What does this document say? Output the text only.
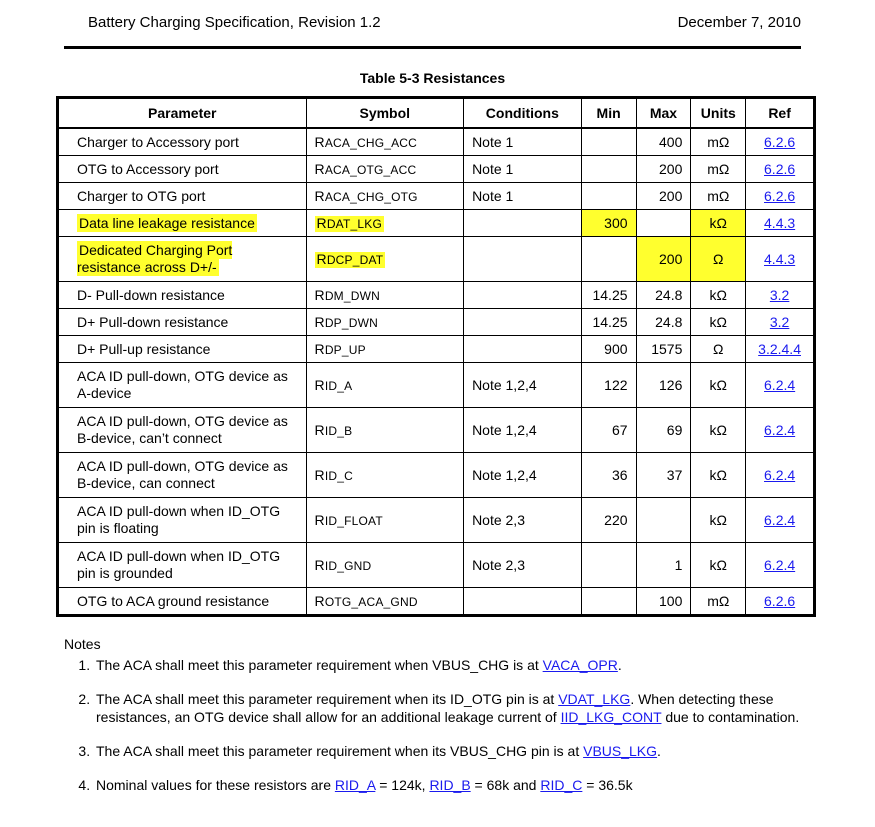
Battery Charging Specification, Revision 1.2	December 7, 2010
Table 5-3 Resistances
Parameter	Symbol	Conditions	Min	Max	Units	Ref
Charger to Accessory port	RACA_CHG_ACC	Note 1		400	mΩ	6.2.6
OTG to Accessory port	RACA_OTG_ACC	Note 1		200	mΩ	6.2.6
Charger to OTG port	RACA_CHG_OTG	Note 1		200	mΩ	6.2.6
Data line leakage resistance	RDAT_LKG		300		kΩ	4.4.3
Dedicated Charging Port resistance across D+/-	RDCP_DAT			200	Ω	4.4.3
D- Pull-down resistance	RDM_DWN		14.25	24.8	kΩ	3.2
D+ Pull-down resistance	RDP_DWN		14.25	24.8	kΩ	3.2
D+ Pull-up resistance	RDP_UP		900	1575	Ω	3.2.4.4
ACA ID pull-down, OTG device as A-device	RID_A	Note 1,2,4	122	126	kΩ	6.2.4
ACA ID pull-down, OTG device as B-device, can’t connect	RID_B	Note 1,2,4	67	69	kΩ	6.2.4
ACA ID pull-down, OTG device as B-device, can connect	RID_C	Note 1,2,4	36	37	kΩ	6.2.4
ACA ID pull-down when ID_OTG pin is floating	RID_FLOAT	Note 2,3	220		kΩ	6.2.4
ACA ID pull-down when ID_OTG pin is grounded	RID_GND	Note 2,3		1	kΩ	6.2.4
OTG to ACA ground resistance	ROTG_ACA_GND			100	mΩ	6.2.6
Notes
1. The ACA shall meet this parameter requirement when VBUS_CHG is at VACA_OPR.
2. The ACA shall meet this parameter requirement when its ID_OTG pin is at VDAT_LKG. When detecting these resistances, an OTG device shall allow for an additional leakage current of IID_LKG_CONT due to contamination.
3. The ACA shall meet this parameter requirement when its VBUS_CHG pin is at VBUS_LKG.
4. Nominal values for these resistors are RID_A = 124k, RID_B = 68k and RID_C = 36.5k
